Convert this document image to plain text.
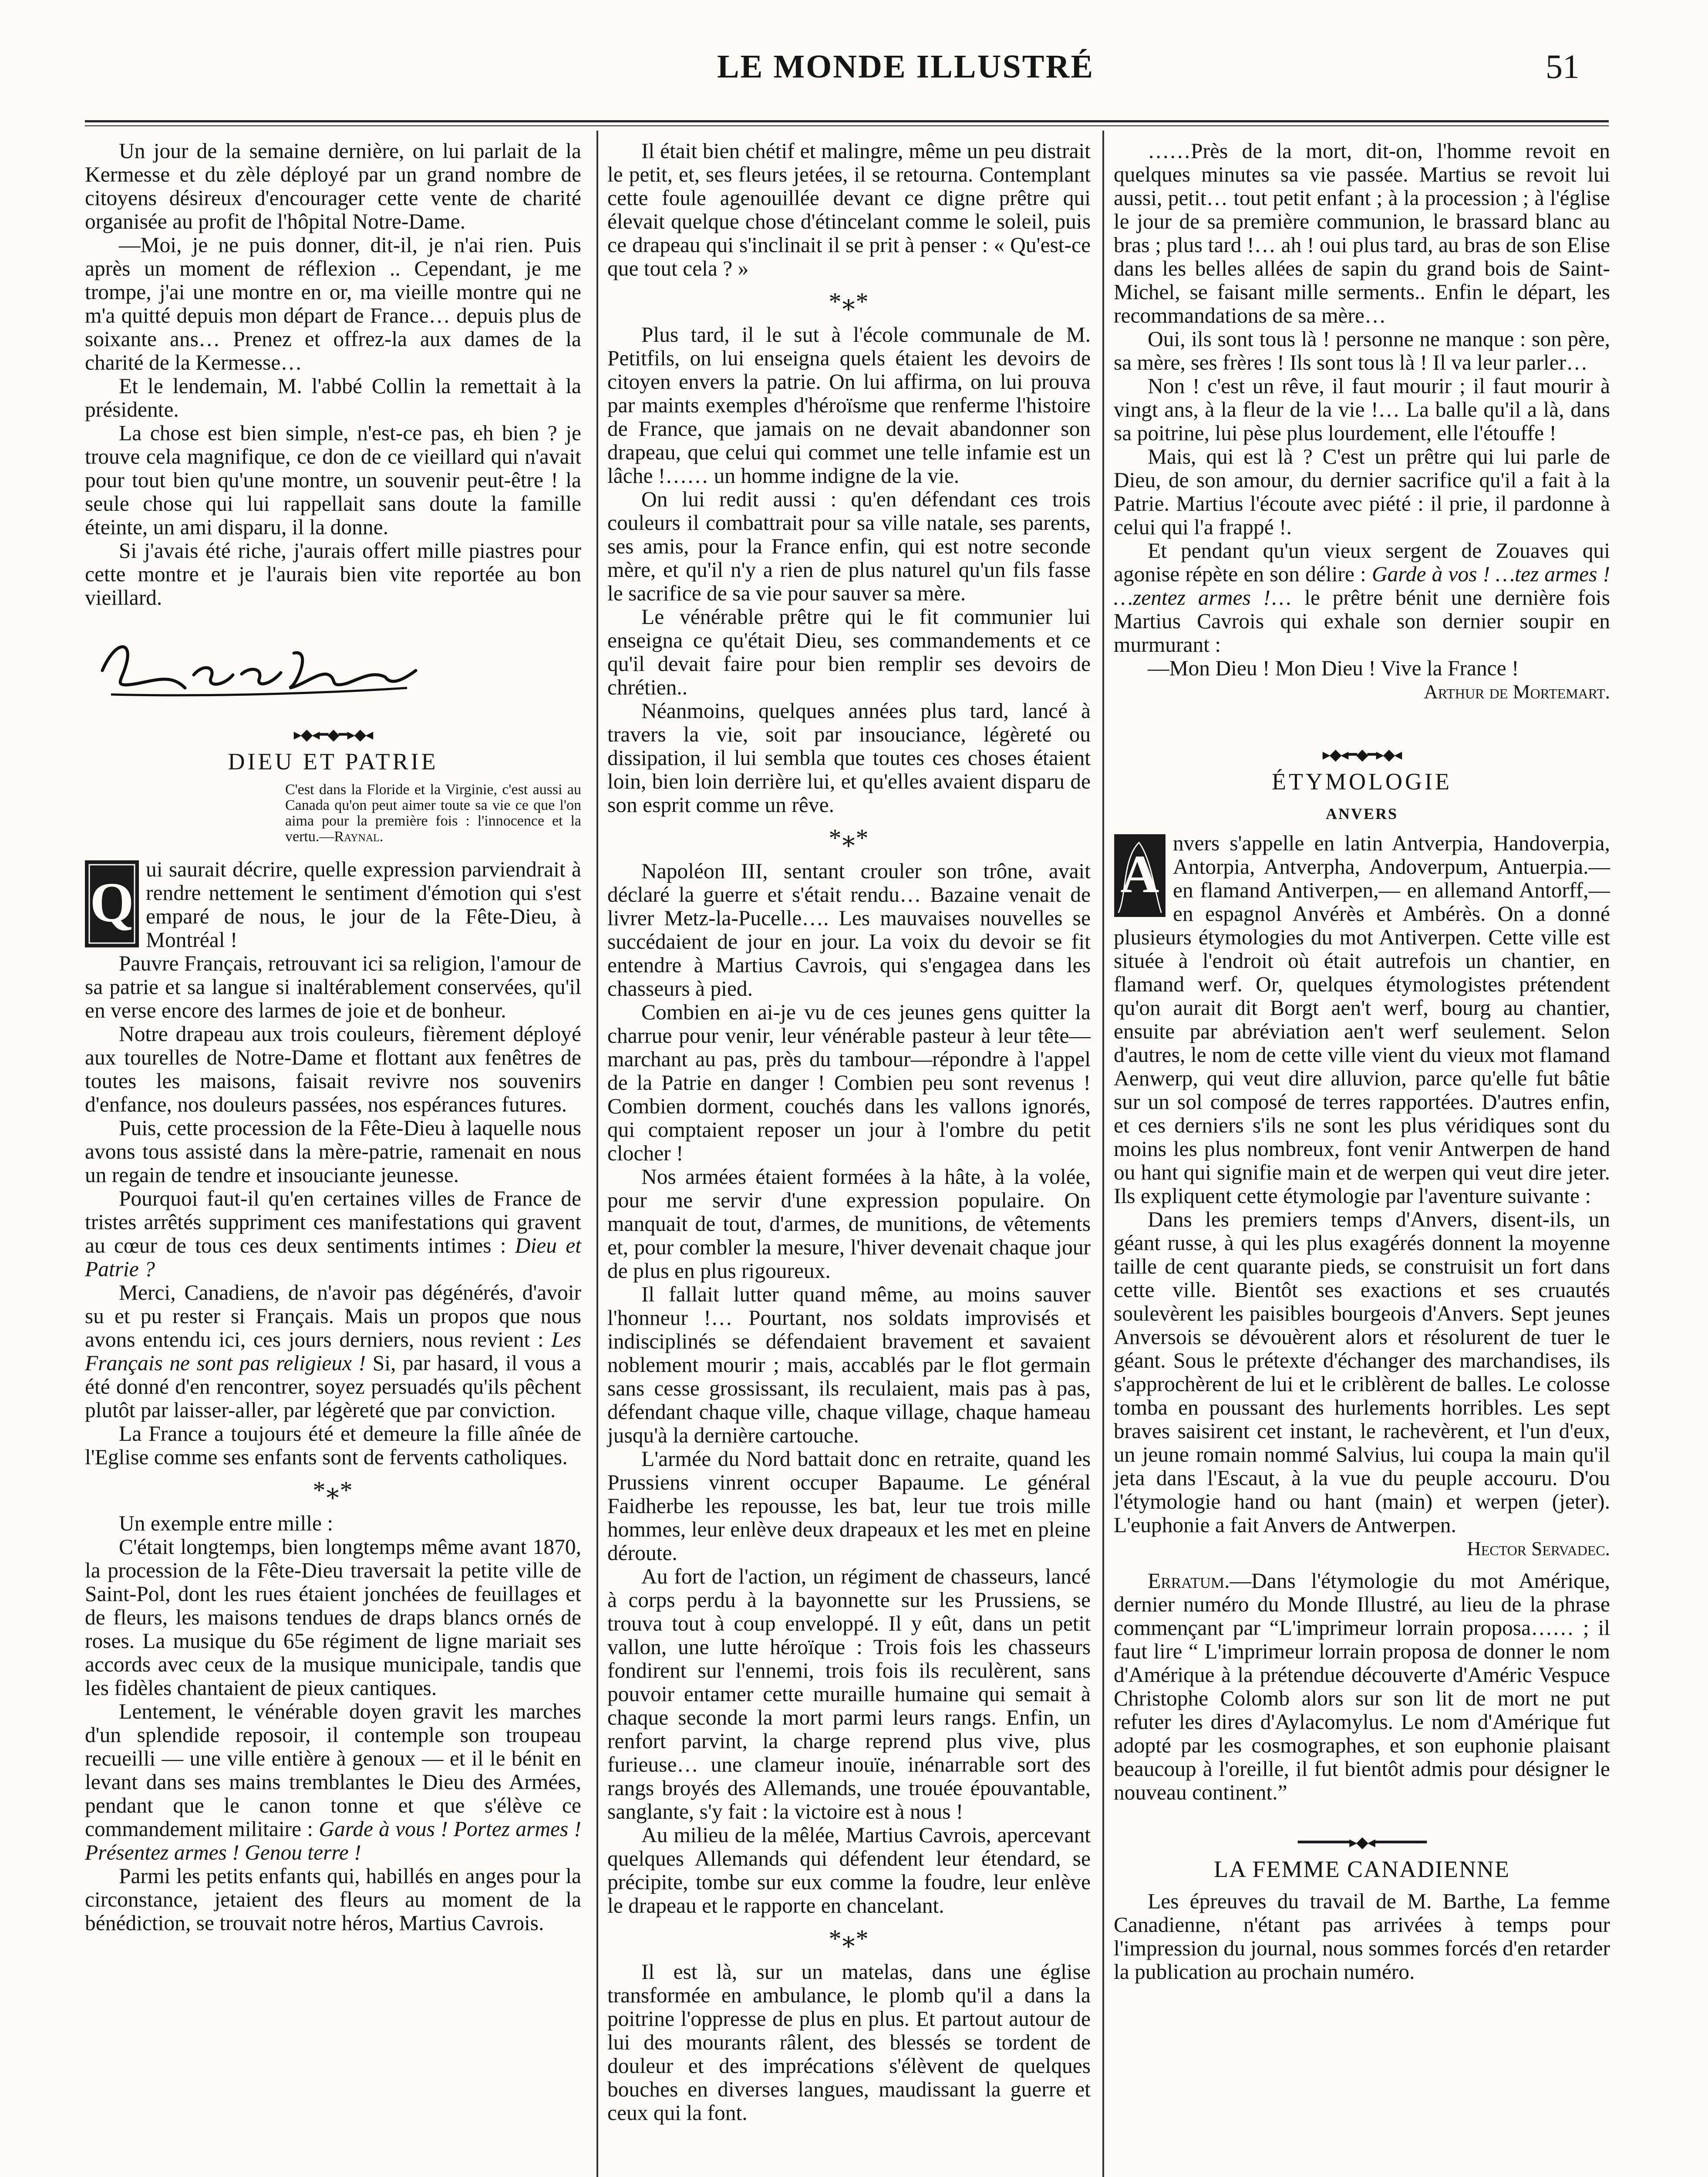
LE MONDE ILLUSTRÉ	51

Un jour de la semaine dernière, on lui parlait de la Kermesse et du zèle déployé par un grand nombre de citoyens désireux d'encourager cette vente de charité organisée au profit de l'hôpital Notre-Dame.

—Moi, je ne puis donner, dit-il, je n'ai rien. Puis après un moment de réflexion .. Cependant, je me trompe, j'ai une montre en or, ma vieille montre qui ne m'a quitté depuis mon départ de France… depuis plus de soixante ans… Prenez et offrez-la aux dames de la charité de la Kermesse…

Et le lendemain, M. l'abbé Collin la remettait à la présidente.

La chose est bien simple, n'est-ce pas, eh bien ? je trouve cela magnifique, ce don de ce vieillard qui n'avait pour tout bien qu'une montre, un souvenir peut-être ! la seule chose qui lui rappellait sans doute la famille éteinte, un ami disparu, il la donne.

Si j'avais été riche, j'aurais offert mille piastres pour cette montre et je l'aurais bien vite reportée au bon vieillard.

▸◆◂━◆━▸◆◂
DIEU ET PATRIE
C'est dans la Floride et la Virginie, c'est aussi au Canada qu'on peut aimer toute sa vie ce que l'on aima pour la première fois : l'innocence et la vertu.—Raynal.
Q

ui saurait décrire, quelle expression parviendrait à rendre nettement le sentiment d'émotion qui s'est emparé de nous, le jour de la Fête-Dieu, à Montréal !

Pauvre Français, retrouvant ici sa religion, l'amour de sa patrie et sa langue si inaltérablement conservées, qu'il en verse encore des larmes de joie et de bonheur.

Notre drapeau aux trois couleurs, fièrement déployé aux tourelles de Notre-Dame et flottant aux fenêtres de toutes les maisons, faisait revivre nos souvenirs d'enfance, nos douleurs passées, nos espérances futures.

Puis, cette procession de la Fête-Dieu à laquelle nous avons tous assisté dans la mère-patrie, ramenait en nous un regain de tendre et insouciante jeunesse.

Pourquoi faut-il qu'en certaines villes de France de tristes arrêtés suppriment ces manifestations qui gravent au cœur de tous ces deux sentiments intimes : Dieu et Patrie ?

Merci, Canadiens, de n'avoir pas dégénérés, d'avoir su et pu rester si Français. Mais un propos que nous avons entendu ici, ces jours derniers, nous revient : Les Français ne sont pas religieux ! Si, par hasard, il vous a été donné d'en rencontrer, soyez persuadés qu'ils pêchent plutôt par laisser-aller, par légèreté que par conviction.

La France a toujours été et demeure la fille aînée de l'Eglise comme ses enfants sont de fervents catholiques.

*⁎*

Un exemple entre mille :

C'était longtemps, bien longtemps même avant 1870, la procession de la Fête-Dieu traversait la petite ville de Saint-Pol, dont les rues étaient jonchées de feuillages et de fleurs, les maisons tendues de draps blancs ornés de roses. La musique du 65e régiment de ligne mariait ses accords avec ceux de la musique municipale, tandis que les fidèles chantaient de pieux cantiques.

Lentement, le vénérable doyen gravit les marches d'un splendide reposoir, il contemple son troupeau recueilli — une ville entière à genoux — et il le bénit en levant dans ses mains tremblantes le Dieu des Armées, pendant que le canon tonne et que s'élève ce commandement militaire : Garde à vous ! Portez armes ! Présentez armes ! Genou terre !

Parmi les petits enfants qui, habillés en anges pour la circonstance, jetaient des fleurs au moment de la bénédiction, se trouvait notre héros, Martius Cavrois.

Il était bien chétif et malingre, même un peu distrait le petit, et, ses fleurs jetées, il se retourna. Contemplant cette foule agenouillée devant ce digne prêtre qui élevait quelque chose d'étincelant comme le soleil, puis ce drapeau qui s'inclinait il se prit à penser : « Qu'est-ce que tout cela ? »

*⁎*

Plus tard, il le sut à l'école communale de M. Petitfils, on lui enseigna quels étaient les devoirs de citoyen envers la patrie. On lui affirma, on lui prouva par maints exemples d'héroïsme que renferme l'histoire de France, que jamais on ne devait abandonner son drapeau, que celui qui commet une telle infamie est un lâche !…… un homme indigne de la vie.

On lui redit aussi : qu'en défendant ces trois couleurs il combattrait pour sa ville natale, ses parents, ses amis, pour la France enfin, qui est notre seconde mère, et qu'il n'y a rien de plus naturel qu'un fils fasse le sacrifice de sa vie pour sauver sa mère.

Le vénérable prêtre qui le fit communier lui enseigna ce qu'était Dieu, ses commandements et ce qu'il devait faire pour bien remplir ses devoirs de chrétien..

Néanmoins, quelques années plus tard, lancé à travers la vie, soit par insouciance, légèreté ou dissipation, il lui sembla que toutes ces choses étaient loin, bien loin derrière lui, et qu'elles avaient disparu de son esprit comme un rêve.

*⁎*

Napoléon III, sentant crouler son trône, avait déclaré la guerre et s'était rendu… Bazaine venait de livrer Metz-la-Pucelle…. Les mauvaises nouvelles se succédaient de jour en jour. La voix du devoir se fit entendre à Martius Cavrois, qui s'engagea dans les chasseurs à pied.

Combien en ai-je vu de ces jeunes gens quitter la charrue pour venir, leur vénérable pasteur à leur tête—marchant au pas, près du tambour—répondre à l'appel de la Patrie en danger ! Combien peu sont revenus ! Combien dorment, couchés dans les vallons ignorés, qui comptaient reposer un jour à l'ombre du petit clocher !

Nos armées étaient formées à la hâte, à la volée, pour me servir d'une expression populaire. On manquait de tout, d'armes, de munitions, de vêtements et, pour combler la mesure, l'hiver devenait chaque jour de plus en plus rigoureux.

Il fallait lutter quand même, au moins sauver l'honneur !… Pourtant, nos soldats improvisés et indisciplinés se défendaient bravement et savaient noblement mourir ; mais, accablés par le flot germain sans cesse grossissant, ils reculaient, mais pas à pas, défendant chaque ville, chaque village, chaque hameau jusqu'à la dernière cartouche.

L'armée du Nord battait donc en retraite, quand les Prussiens vinrent occuper Bapaume. Le général Faidherbe les repousse, les bat, leur tue trois mille hommes, leur enlève deux drapeaux et les met en pleine déroute.

Au fort de l'action, un régiment de chasseurs, lancé à corps perdu à la bayonnette sur les Prussiens, se trouva tout à coup enveloppé. Il y eût, dans un petit vallon, une lutte héroïque : Trois fois les chasseurs fondirent sur l'ennemi, trois fois ils reculèrent, sans pouvoir entamer cette muraille humaine qui semait à chaque seconde la mort parmi leurs rangs. Enfin, un renfort parvint, la charge reprend plus vive, plus furieuse… une clameur inouïe, inénarrable sort des rangs broyés des Allemands, une trouée épouvantable, sanglante, s'y fait : la victoire est à nous !

Au milieu de la mêlée, Martius Cavrois, apercevant quelques Allemands qui défendent leur étendard, se précipite, tombe sur eux comme la foudre, leur enlève le drapeau et le rapporte en chancelant.

*⁎*

Il est là, sur un matelas, dans une église transformée en ambulance, le plomb qu'il a dans la poitrine l'oppresse de plus en plus. Et partout autour de lui des mourants râlent, des blessés se tordent de douleur et des imprécations s'élèvent de quelques bouches en diverses langues, maudissant la guerre et ceux qui la font.

……Près de la mort, dit-on, l'homme revoit en quelques minutes sa vie passée. Martius se revoit lui aussi, petit… tout petit enfant ; à la procession ; à l'église le jour de sa première communion, le brassard blanc au bras ; plus tard !… ah ! oui plus tard, au bras de son Elise dans les belles allées de sapin du grand bois de Saint-Michel, se faisant mille serments.. Enfin le départ, les recommandations de sa mère…

Oui, ils sont tous là ! personne ne manque : son père, sa mère, ses frères ! Ils sont tous là ! Il va leur parler…

Non ! c'est un rêve, il faut mourir ; il faut mourir à vingt ans, à la fleur de la vie !… La balle qu'il a là, dans sa poitrine, lui pèse plus lourdement, elle l'étouffe !

Mais, qui est là ? C'est un prêtre qui lui parle de Dieu, de son amour, du dernier sacrifice qu'il a fait à la Patrie. Martius l'écoute avec piété : il prie, il pardonne à celui qui l'a frappé !.

Et pendant qu'un vieux sergent de Zouaves qui agonise répète en son délire : Garde à vos ! …tez armes ! …zentez armes !… le prêtre bénit une dernière fois Martius Cavrois qui exhale son dernier soupir en murmurant :

—Mon Dieu ! Mon Dieu ! Vive la France !

Arthur de Mortemart.

▸◆◂━◆━▸◆◂
ÉTYMOLOGIE
ANVERS
A

nvers s'appelle en latin Antverpia, Handoverpia, Antorpia, Antverpha, Andoverpum, Antuerpia.— en flamand Antiverpen,— en allemand Antorff,— en espagnol Anvérès et Ambérès. On a donné plusieurs étymologies du mot Antiverpen. Cette ville est située à l'endroit où était autrefois un chantier, en flamand werf. Or, quelques étymologistes prétendent qu'on aurait dit Borgt aen't werf, bourg au chantier, ensuite par abréviation aen't werf seulement. Selon d'autres, le nom de cette ville vient du vieux mot flamand Aenwerp, qui veut dire alluvion, parce qu'elle fut bâtie sur un sol composé de terres rapportées. D'autres enfin, et ces derniers s'ils ne sont les plus véridiques sont du moins les plus nombreux, font venir Antwerpen de hand ou hant qui signifie main et de werpen qui veut dire jeter. Ils expliquent cette étymologie par l'aventure suivante :

Dans les premiers temps d'Anvers, disent-ils, un géant russe, à qui les plus exagérés donnent la moyenne taille de cent quarante pieds, se construisit un fort dans cette ville. Bientôt ses exactions et ses cruautés soulevèrent les paisibles bourgeois d'Anvers. Sept jeunes Anversois se dévouèrent alors et résolurent de tuer le géant. Sous le prétexte d'échanger des marchandises, ils s'approchèrent de lui et le criblèrent de balles. Le colosse tomba en poussant des hurlements horribles. Les sept braves saisirent cet instant, le rachevèrent, et l'un d'eux, un jeune romain nommé Salvius, lui coupa la main qu'il jeta dans l'Escaut, à la vue du peuple accouru. D'ou l'étymologie hand ou hant (main) et werpen (jeter). L'euphonie a fait Anvers de Antwerpen.

Hector Servadec.

Erratum.—Dans l'étymologie du mot Amérique, dernier numéro du Monde Illustré, au lieu de la phrase commençant par “L'imprimeur lorrain proposa…… ; il faut lire “ L'imprimeur lorrain proposa de donner le nom d'Amérique à la prétendue découverte d'Améric Vespuce Christophe Colomb alors sur son lit de mort ne put refuter les dires d'Aylacomylus. Le nom d'Amérique fut adopté par les cosmographes, et son euphonie plaisant beaucoup à l'oreille, il fut bientôt admis pour désigner le nouveau continent.”

━━━━━━▸◆◂━━━━━━
LA FEMME CANADIENNE

Les épreuves du travail de M. Barthe, La femme Canadienne, n'étant pas arrivées à temps pour l'impression du journal, nous sommes forcés d'en retarder la publication au prochain numéro.
